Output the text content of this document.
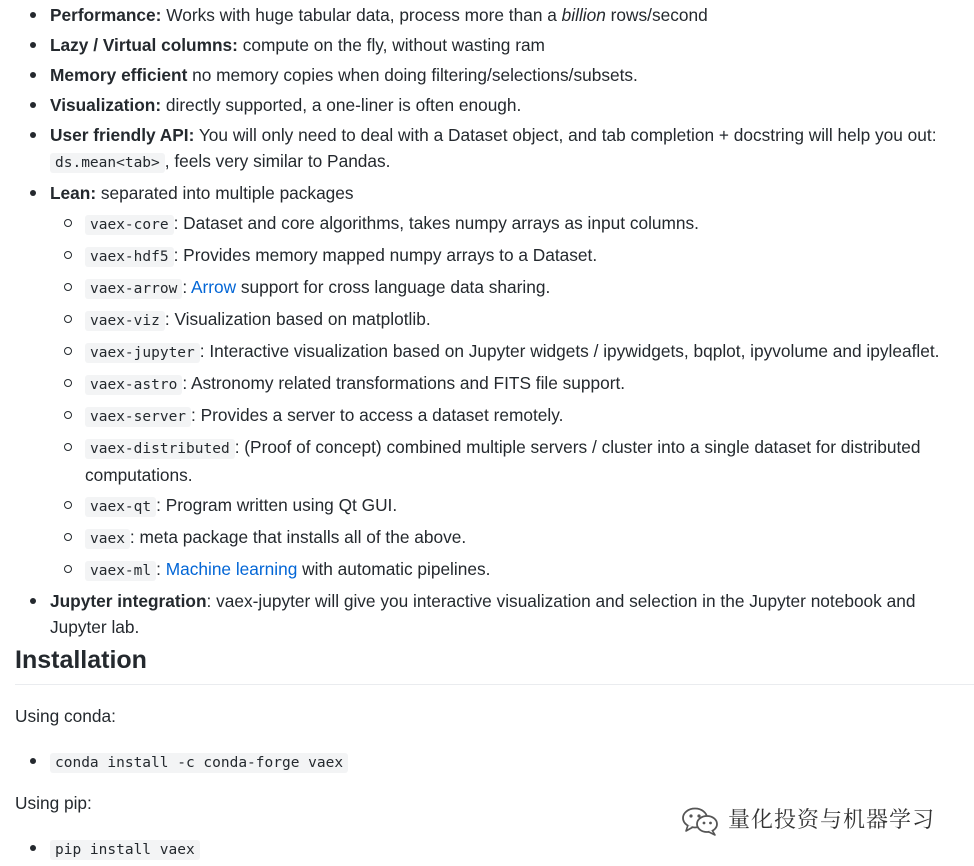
Performance: Works with huge tabular data, process more than a billion rows/second
Lazy / Virtual columns: compute on the fly, without wasting ram
Memory efficient no memory copies when doing filtering/selections/subsets.
Visualization: directly supported, a one-liner is often enough.
User friendly API: You will only need to deal with a Dataset object, and tab completion + docstring will help you out:
ds.mean<tab> , feels very similar to Pandas.
Lean: separated into multiple packages
vaex-core : Dataset and core algorithms, takes numpy arrays as input columns.
vaex-hdf5 : Provides memory mapped numpy arrays to a Dataset.
vaex-arrow : Arrow support for cross language data sharing.
vaex-viz : Visualization based on matplotlib.
vaex-jupyter : Interactive visualization based on Jupyter widgets / ipywidgets, bqplot, ipyvolume and ipyleaflet.
vaex-astro : Astronomy related transformations and FITS file support.
vaex-server : Provides a server to access a dataset remotely.
vaex-distributed : (Proof of concept) combined multiple servers / cluster into a single dataset for distributed
computations.
vaex-qt : Program written using Qt GUI.
vaex : meta package that installs all of the above.
vaex-ml : Machine learning with automatic pipelines.
Jupyter integration: vaex-jupyter will give you interactive visualization and selection in the Jupyter notebook and
Jupyter lab.
Installation

Using conda:

conda install -c conda-forge vaex

Using pip:

pip install vaex
量化投资与机器学习
